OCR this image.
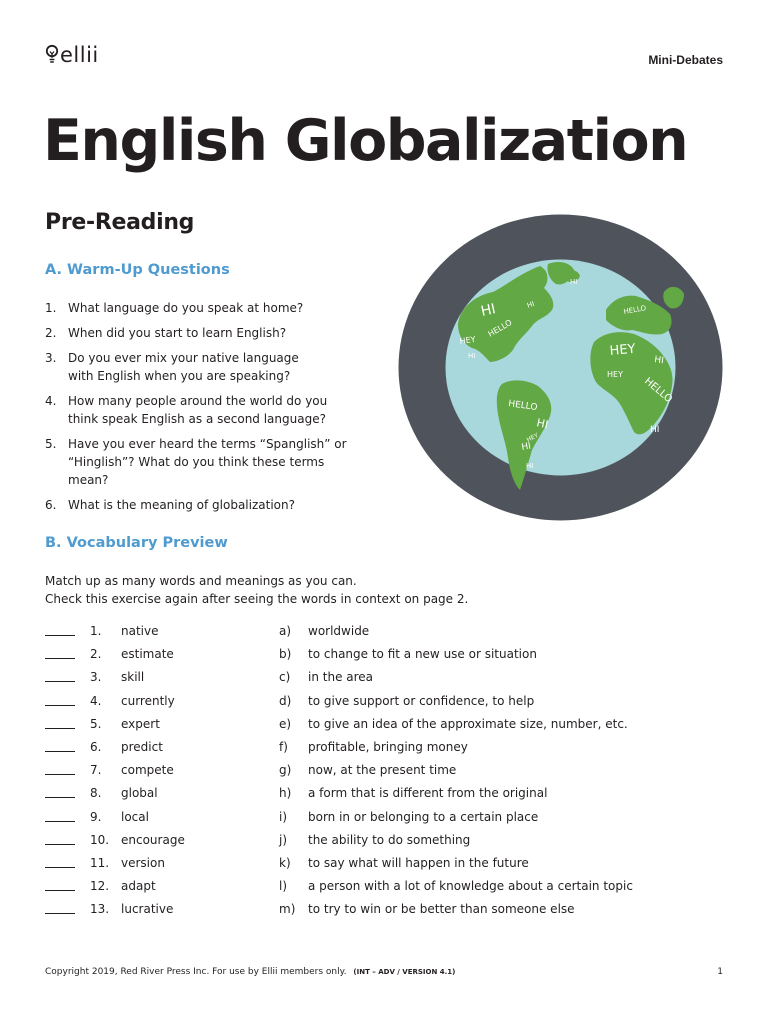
ellii	Mini-Debates
English Globalization
Pre-Reading
A. Warm-Up Questions
1. What language do you speak at home?
2. When did you start to learn English?
3. Do you ever mix your native language
with English when you are speaking?
4. How many people around the world do you
think speak English as a second language?
5. Have you ever heard the terms “Spanglish” or
“Hinglish”? What do you think these terms mean?
6. What is the meaning of globalization?
B. Vocabulary Preview

Match up as many words and meanings as you can.
Check this exercise again after seeing the words in context on page 2.

1. native	a) worldwide
2. estimate	b) to change to fit a new use or situation
3. skill	c) in the area
4. currently	d) to give support or confidence, to help
5. expert	e) to give an idea of the approximate size, number, etc.
6. predict	f) profitable, bringing money
7. compete	g) now, at the present time
8. global	h) a form that is different from the original
9. local	i) born in or belonging to a certain place
10. encourage	j) the ability to do something
11. version	k) to say what will happen in the future
12. adapt	l) a person with a lot of knowledge about a certain topic
13. lucrative	m) to try to win or be better than someone else
HI
HELLO
HEY
HI
HI
HELLO
HI
HI
HEY
HI
HELLO
HEY
HI
HELLO
HI
HEY
HI
Copyright 2019, Red River Press Inc. For use by Ellii members only. (INT – ADV / VERSION 4.1)	1
